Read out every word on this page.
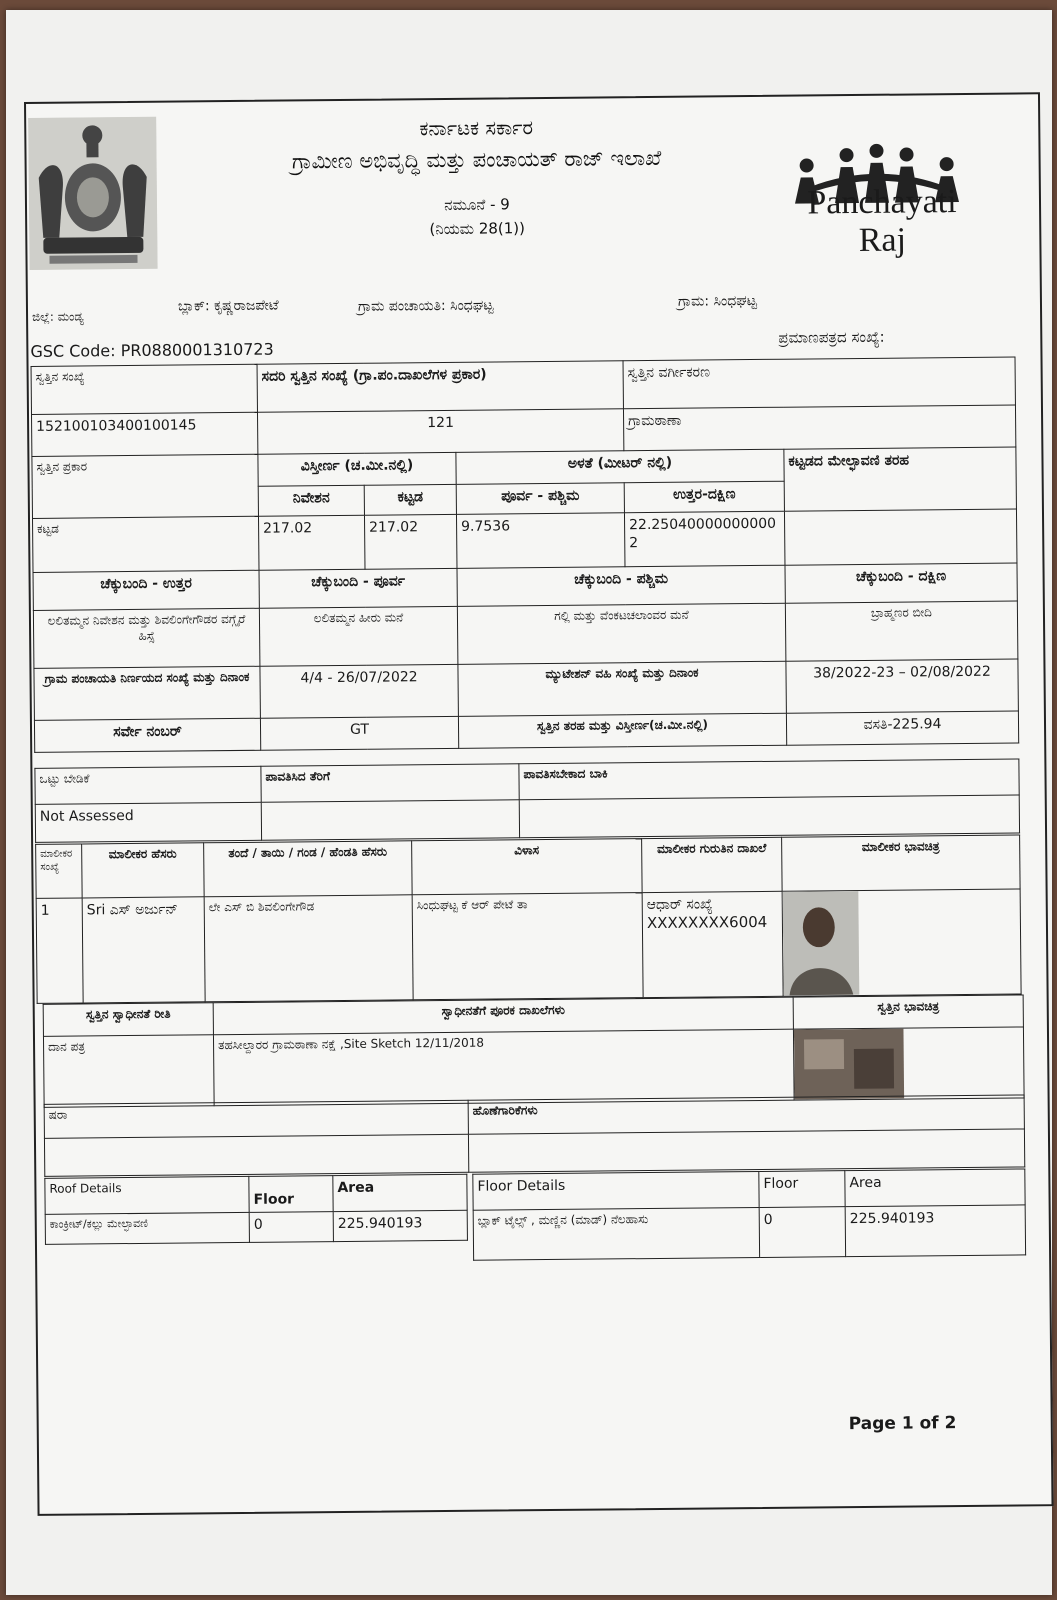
ಕರ್ನಾಟಕ ಸರ್ಕಾರ
ಗ್ರಾಮೀಣ ಅಭಿವೃದ್ಧಿ ಮತ್ತು ಪಂಚಾಯತ್ ರಾಜ್ ಇಲಾಖೆ
ನಮೂನೆ - 9
(ನಿಯಮ 28(1))
Panchayati Raj
ಜಿಲ್ಲೆ: ಮಂಡ್ಯ
ಬ್ಲಾಕ್: ಕೃಷ್ಣರಾಜಪೇಟೆ	ಗ್ರಾಮ ಪಂಚಾಯತಿ: ಸಿಂಧಘಟ್ಟ	ಗ್ರಾಮ: ಸಿಂಧಘಟ್ಟ
GSC Code: PR0880001310723
ಪ್ರಮಾಣಪತ್ರದ ಸಂಖ್ಯೆ:
ಸ್ವತ್ತಿನ ಸಂಖ್ಯೆ	ಸದರಿ ಸ್ವತ್ತಿನ ಸಂಖ್ಯೆ (ಗ್ರಾ.ಪಂ.ದಾಖಲೆಗಳ ಪ್ರಕಾರ)			ಸ್ವತ್ತಿನ ವರ್ಗೀಕರಣ	
152100103400100145	121			ಗ್ರಾಮಠಾಣಾ	
ಸ್ವತ್ತಿನ ಪ್ರಕಾರ	ವಿಸ್ತೀರ್ಣ (ಚ.ಮೀ.ನಲ್ಲಿ)		ಅಳತೆ (ಮೀಟರ್ ನಲ್ಲಿ)		ಕಟ್ಟಡದ ಮೇಲ್ಛಾವಣಿ ತರಹ
	ನಿವೇಶನ	ಕಟ್ಟಡ	ಪೂರ್ವ - ಪಶ್ಚಿಮ	ಉತ್ತರ-ದಕ್ಷಿಣ	
ಕಟ್ಟಡ	217.02	217.02	9.7536	22.250400000000002	
ಚೆಕ್ಕುಬಂದಿ - ಉತ್ತರ	ಚೆಕ್ಕುಬಂದಿ - ಪೂರ್ವ		ಚೆಕ್ಕುಬಂದಿ - ಪಶ್ಚಿಮ		ಚೆಕ್ಕುಬಂದಿ - ದಕ್ಷಿಣ
ಲಲಿತಮ್ಮನ ನಿವೇಶನ ಮತ್ತು ಶಿವಲಿಂಗೇಗೌಡರ ವಗ್ಗೈರೆ ಹಿಸ್ಸೆ	ಲಲಿತಮ್ಮನ ಹೀರು ಮನೆ		ಗಲ್ಲಿ ಮತ್ತು ವೆಂಕಟಚಲಾಂವರ ಮನೆ		ಬ್ರಾಹ್ಮಣರ ಬೀದಿ
ಗ್ರಾಮ ಪಂಚಾಯತಿ ನಿರ್ಣಯದ ಸಂಖ್ಯೆ ಮತ್ತು ದಿನಾಂಕ	4/4 - 26/07/2022		ಮ್ಯುಟೇಶನ್ ವಹಿ ಸಂಖ್ಯೆ ಮತ್ತು ದಿನಾಂಕ		38/2022-23 – 02/08/2022
ಸರ್ವೇ ನಂಬರ್	GT		ಸ್ವತ್ತಿನ ತರಹ ಮತ್ತು ವಿಸ್ತೀರ್ಣ(ಚ.ಮೀ.ನಲ್ಲಿ)		ವಸತಿ-225.94
ಒಟ್ಟು ಬೇಡಿಕೆ	ಪಾವತಿಸಿದ ತೆರಿಗೆ	ಪಾವತಿಸಬೇಕಾದ ಬಾಕಿ
Not Assessed		
ಮಾಲೀಕರ ಸಂಖ್ಯೆ	ಮಾಲೀಕರ ಹೆಸರು	ತಂದೆ / ತಾಯಿ / ಗಂಡ / ಹೆಂಡತಿ ಹೆಸರು	ವಿಳಾಸ	ಮಾಲೀಕರ ಗುರುತಿನ ದಾಖಲೆ	ಮಾಲೀಕರ ಭಾವಚಿತ್ರ
1	Sri ಎಸ್ ಅರ್ಜುನ್	ಲೇ ಎಸ್ ಬಿ ಶಿವಲಿಂಗೇಗೌಡ	ಸಿಂಧುಘಟ್ಟ ಕೆ ಆರ್ ಪೇಟೆ ತಾ	ಆಧಾರ್ ಸಂಖ್ಯೆ
XXXXXXXX6004

ಸ್ವತ್ತಿನ ಸ್ವಾಧೀನತೆ ರೀತಿ	ಸ್ವಾಧೀನತೆಗೆ ಪೂರಕ ದಾಖಲೆಗಳು	ಸ್ವತ್ತಿನ ಭಾವಚಿತ್ರ
ದಾನ ಪತ್ರ	ತಹಸೀಲ್ದಾರರ ಗ್ರಾಮಠಾಣಾ ನಕ್ಷೆ ,Site Sketch 12/11/2018	
ಷರಾ	ಹೊಣೆಗಾರಿಕೆಗಳು

Roof Details	Floor	Area
ಕಾಂಕ್ರೀಟ್/ಕಲ್ಲು ಮೇಲ್ಛಾವಣಿ	0	225.940193
Floor Details	Floor	Area
ಬ್ಲಾಕ್ ಟೈಲ್ಸ್ , ಮಣ್ಣಿನ (ಮಾಡ್) ನೆಲಹಾಸು	0	225.940193
Page 1 of 2
